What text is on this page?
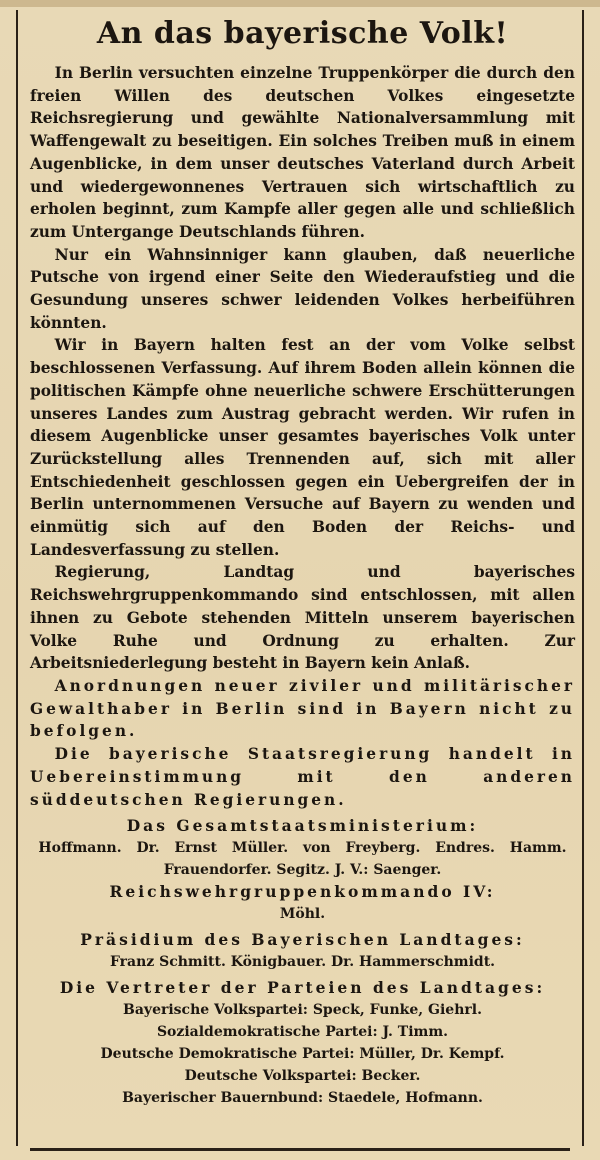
An das bayerische Volk!

In Berlin versuchten einzelne Truppenkörper die durch den freien Willen des deutschen Volkes eingesetzte Reichsregierung und gewählte Nationalversammlung mit Waffengewalt zu beseitigen. Ein solches Treiben muß in einem Augenblicke, in dem unser deutsches Vaterland durch Arbeit und wiedergewonnenes Vertrauen sich wirtschaftlich zu erholen beginnt, zum Kampfe aller gegen alle und schließlich zum Untergange Deutschlands führen.

Nur ein Wahnsinniger kann glauben, daß neuerliche Putsche von irgend einer Seite den Wiederaufstieg und die Gesundung unseres schwer leidenden Volkes herbeiführen könnten.

Wir in Bayern halten fest an der vom Volke selbst beschlossenen Verfassung. Auf ihrem Boden allein können die politischen Kämpfe ohne neuerliche schwere Erschütterungen unseres Landes zum Austrag gebracht werden. Wir rufen in diesem Augenblicke unser gesamtes bayerisches Volk unter Zurückstellung alles Trennenden auf, sich mit aller Entschiedenheit geschlossen gegen ein Uebergreifen der in Berlin unternommenen Versuche auf Bayern zu wenden und einmütig sich auf den Boden der Reichs- und Landesverfassung zu stellen.

Regierung, Landtag und bayerisches Reichswehrgruppenkommando sind entschlossen, mit allen ihnen zu Gebote stehenden Mitteln unserem bayerischen Volke Ruhe und Ordnung zu erhalten. Zur Arbeitsniederlegung besteht in Bayern kein Anlaß.

Anordnungen neuer ziviler und militärischer Gewalthaber in Berlin sind in Bayern nicht zu befolgen.

Die bayerische Staatsregierung handelt in Uebereinstimmung mit den anderen süddeutschen Regierungen.

Das Gesamtstaatsministerium:

Hoffmann. Dr. Ernst Müller. von Freyberg. Endres. Hamm.

Frauendorfer. Segitz. J. V.: Saenger.

Reichswehrgruppenkommando IV:

Möhl.

Präsidium des Bayerischen Landtages:

Franz Schmitt. Königbauer. Dr. Hammerschmidt.

Die Vertreter der Parteien des Landtages:

Bayerische Volkspartei: Speck, Funke, Giehrl.

Sozialdemokratische Partei: J. Timm.

Deutsche Demokratische Partei: Müller, Dr. Kempf.

Deutsche Volkspartei: Becker.

Bayerischer Bauernbund: Staedele, Hofmann.
